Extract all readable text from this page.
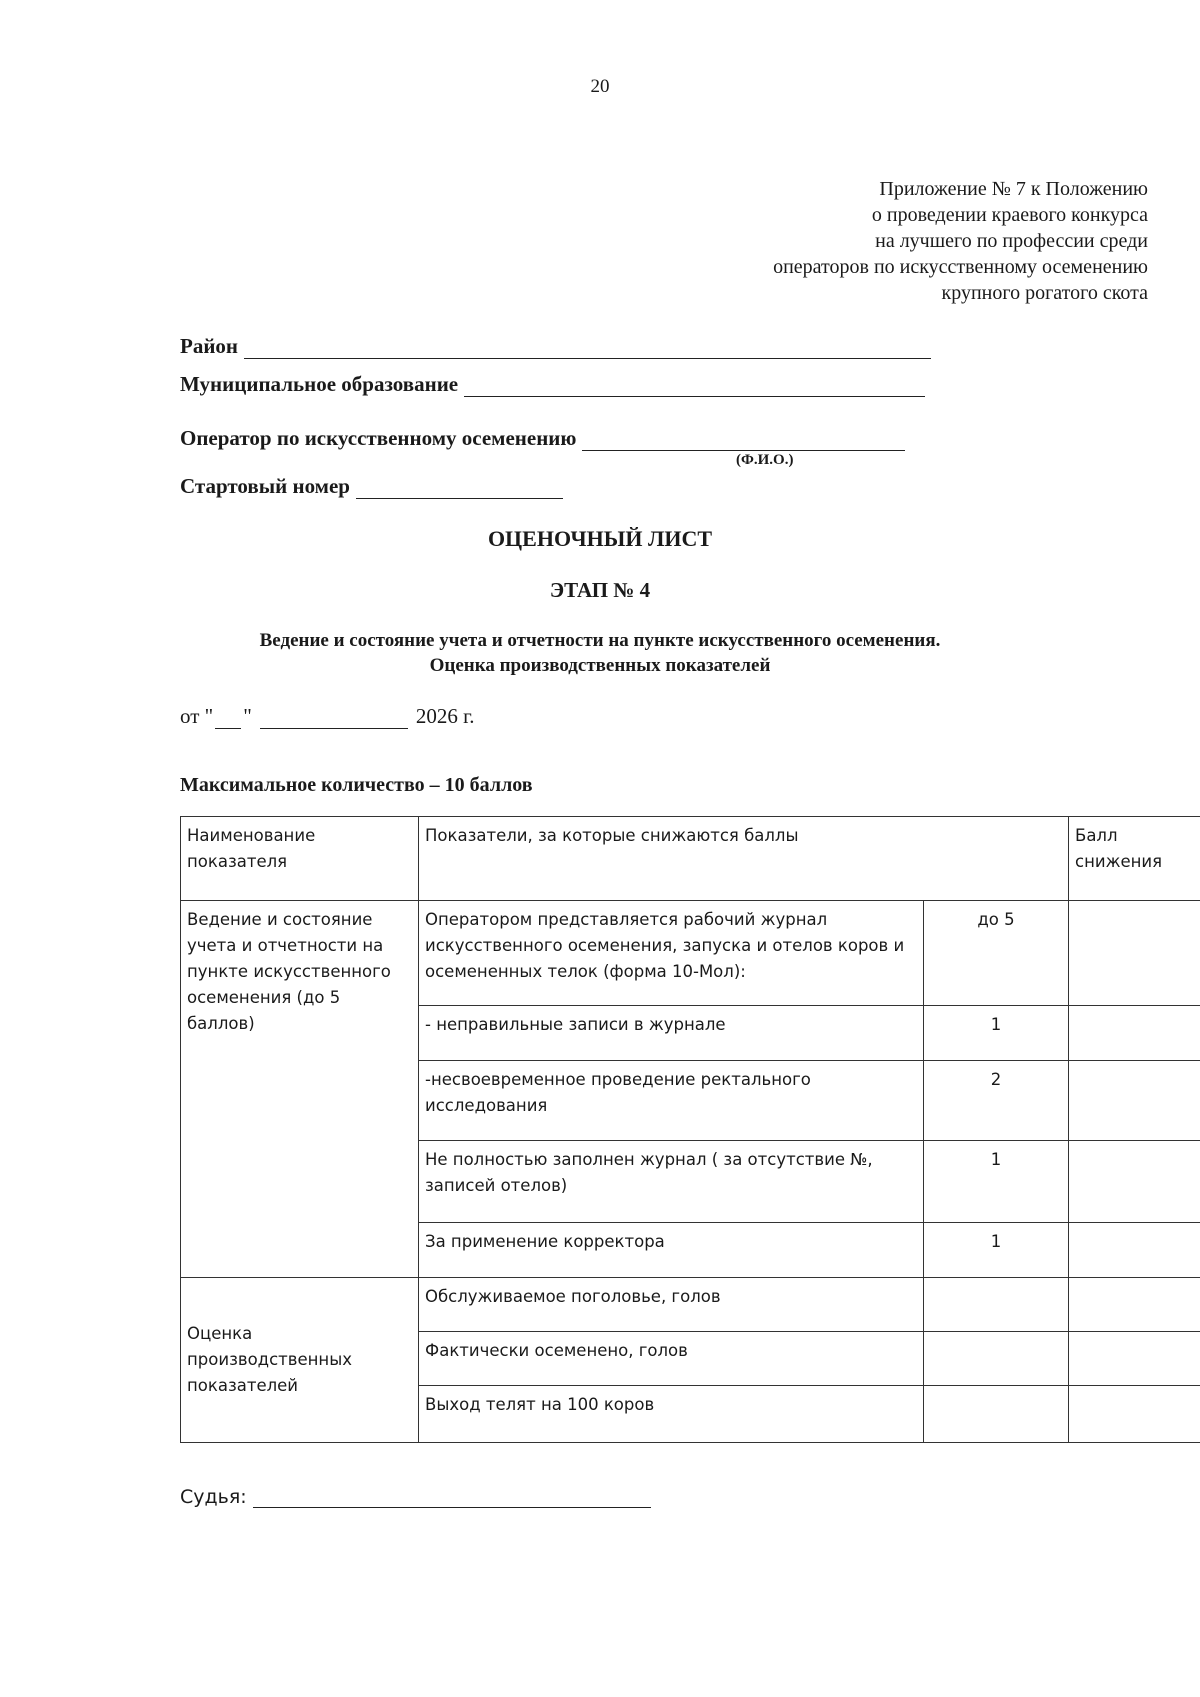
20
Приложение № 7 к Положению
о проведении краевого конкурса
на лучшего по профессии среди
операторов по искусственному осеменению
крупного рогатого скота
Район
Муниципальное образование
Оператор по искусственному осеменению
(Ф.И.О.)
Стартовый номер
ОЦЕНОЧНЫЙ ЛИСТ
ЭТАП № 4
Ведение и состояние учета и отчетности на пункте искусственного осеменения.
Оценка производственных показателей
от " "	2026 г.
Максимальное количество – 10 баллов
Наименование показателя	Показатели, за которые снижаются баллы		Балл снижения
Ведение и состояние учета и отчетности на пункте искусственного осеменения (до 5 баллов)	Оператором представляется рабочий журнал искусственного осеменения, запуска и отелов коров и осемененных телок (форма 10-Мол):	до 5	
	- неправильные записи в журнале	1	
	-несвоевременное проведение ректального исследования	2	
	Не полностью заполнен журнал ( за отсутствие №, записей отелов)	1	
	За применение корректора	1	
Оценка производственных показателей	Обслуживаемое поголовье, голов		
	Фактически осеменено, голов		
	Выход телят на 100 коров		
Судья:
